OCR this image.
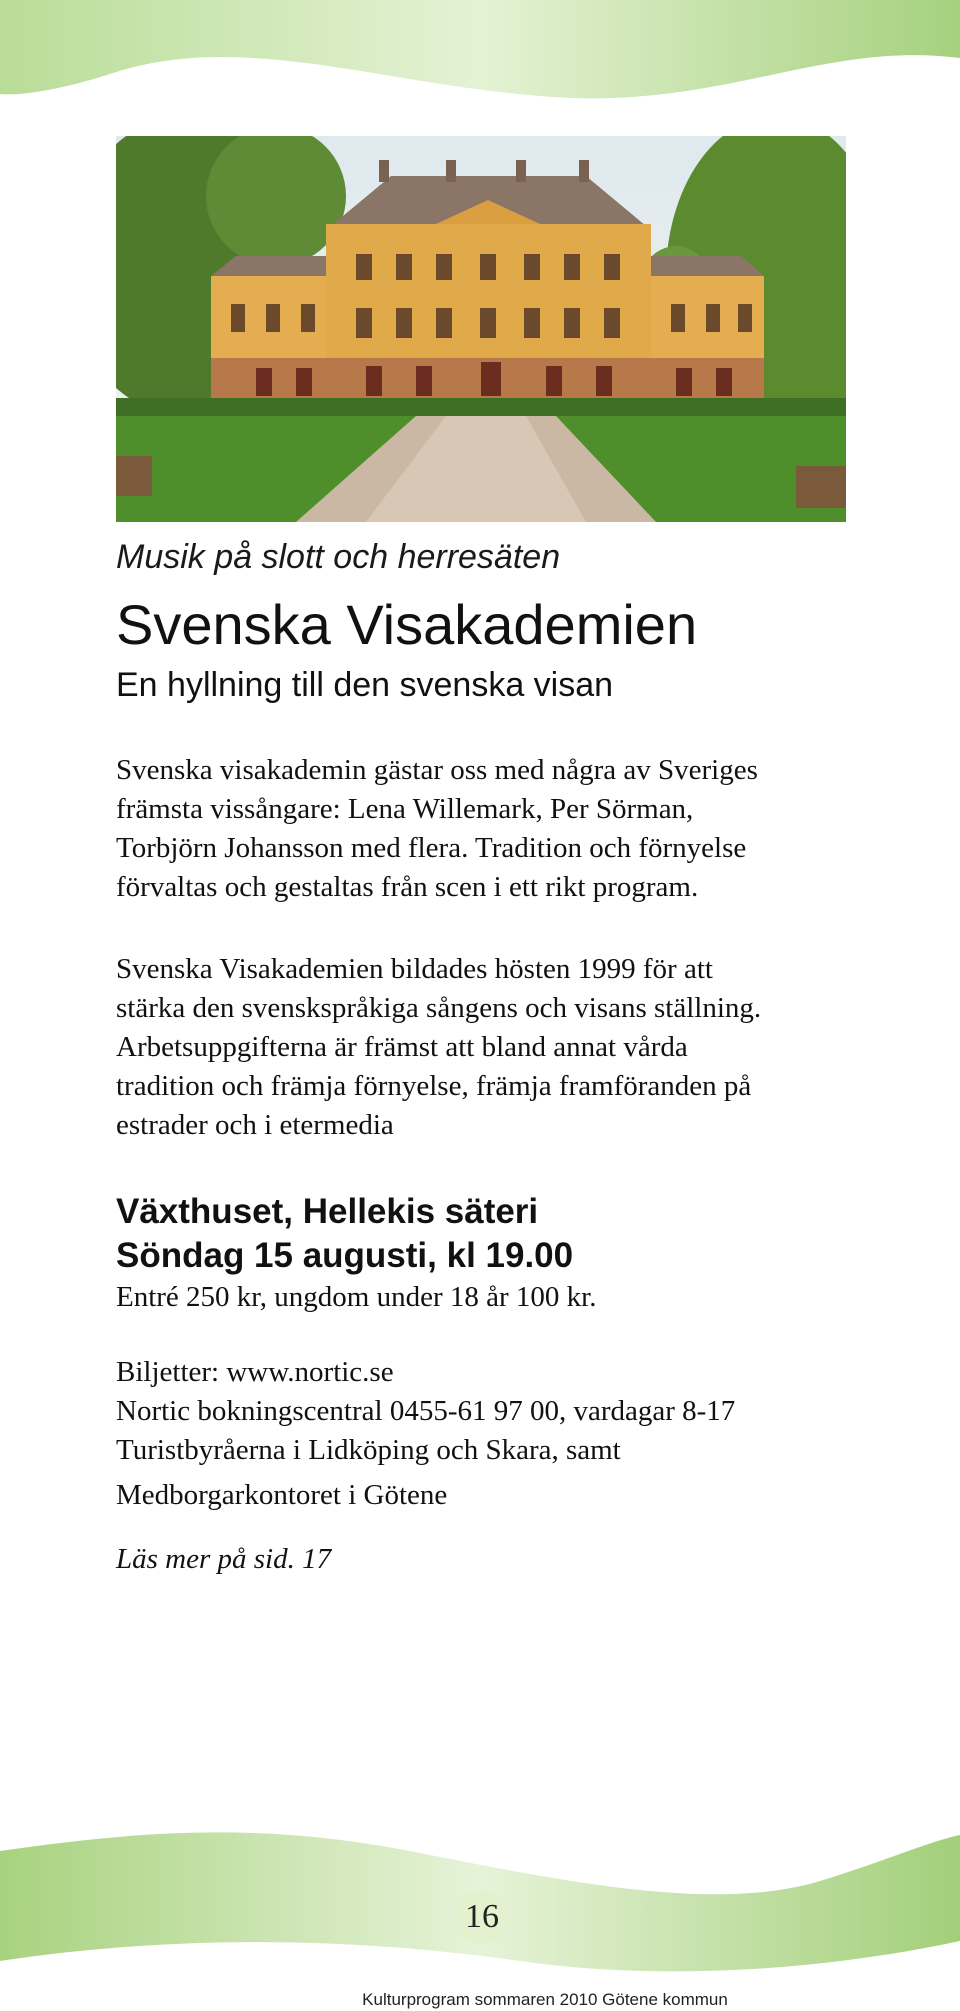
Musik på slott och herresäten
Svenska Visakademien
En hyllning till den svenska visan
Svenska visakademin gästar oss med några av Sveriges
främsta vissångare: Lena Willemark, Per Sörman,
Torbjörn Johansson med flera. Tradition och förnyelse
förvaltas och gestaltas från scen i ett rikt program.
Svenska Visakademien bildades hösten 1999 för att
stärka den svenskspråkiga sångens och visans ställning.
Arbetsuppgifterna är främst att bland annat vårda
tradition och främja förnyelse, främja framföranden på
estrader och i etermedia
Växthuset, Hellekis säteri
Söndag 15 augusti, kl 19.00
Entré 250 kr, ungdom under 18 år 100 kr.
Biljetter: www.nortic.se
Nortic bokningscentral 0455-61 97 00, vardagar 8-17
Turistbyråerna i Lidköping och Skara, samt
Medborgarkontoret i Götene
Läs mer på sid. 17
16
Kulturprogram sommaren 2010 Götene kommun
